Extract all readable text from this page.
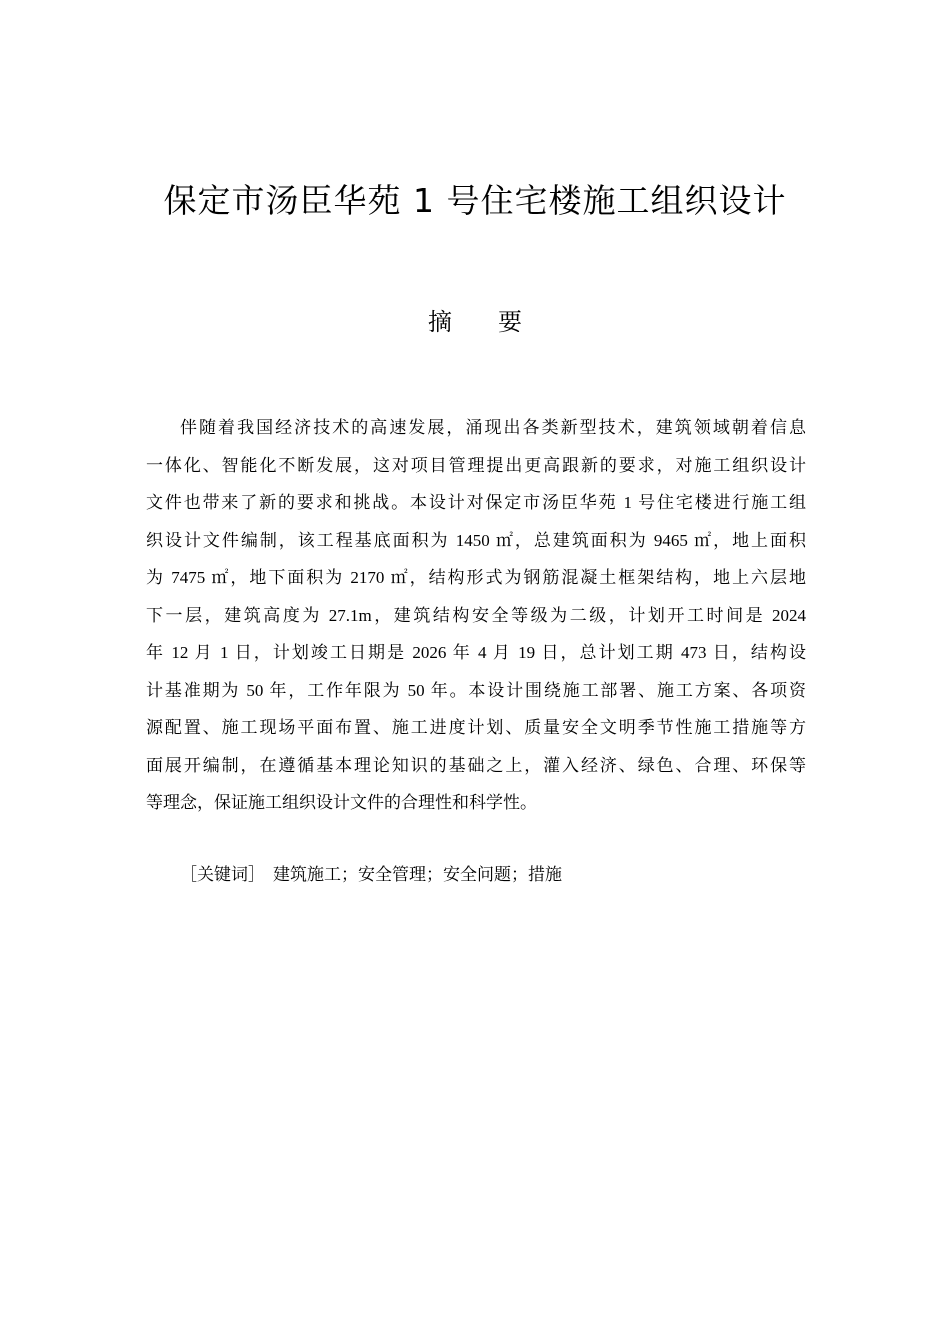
保定市汤臣华苑 1 号住宅楼施工组织设计
摘 要
伴随着我国经济技术的高速发展，涌现出各类新型技术，建筑领域朝着信息
一体化、智能化不断发展，这对项目管理提出更高跟新的要求，对施工组织设计
文件也带来了新的要求和挑战。本设计对保定市汤臣华苑 1 号住宅楼进行施工组
织设计文件编制，该工程基底面积为 1450 ㎡，总建筑面积为 9465 ㎡，地上面积
为 7475 ㎡，地下面积为 2170 ㎡，结构形式为钢筋混凝土框架结构，地上六层地
下一层，建筑高度为 27.1m，建筑结构安全等级为二级，计划开工时间是 2024
年 12 月 1 日，计划竣工日期是 2026 年 4 月 19 日，总计划工期 473 日，结构设
计基准期为 50 年，工作年限为 50 年。本设计围绕施工部署、施工方案、各项资
源配置、施工现场平面布置、施工进度计划、质量安全文明季节性施工措施等方
面展开编制，在遵循基本理论知识的基础之上，灌入经济、绿色、合理、环保等
等理念，保证施工组织设计文件的合理性和科学性。
［关键词］ 建筑施工；安全管理；安全问题；措施
